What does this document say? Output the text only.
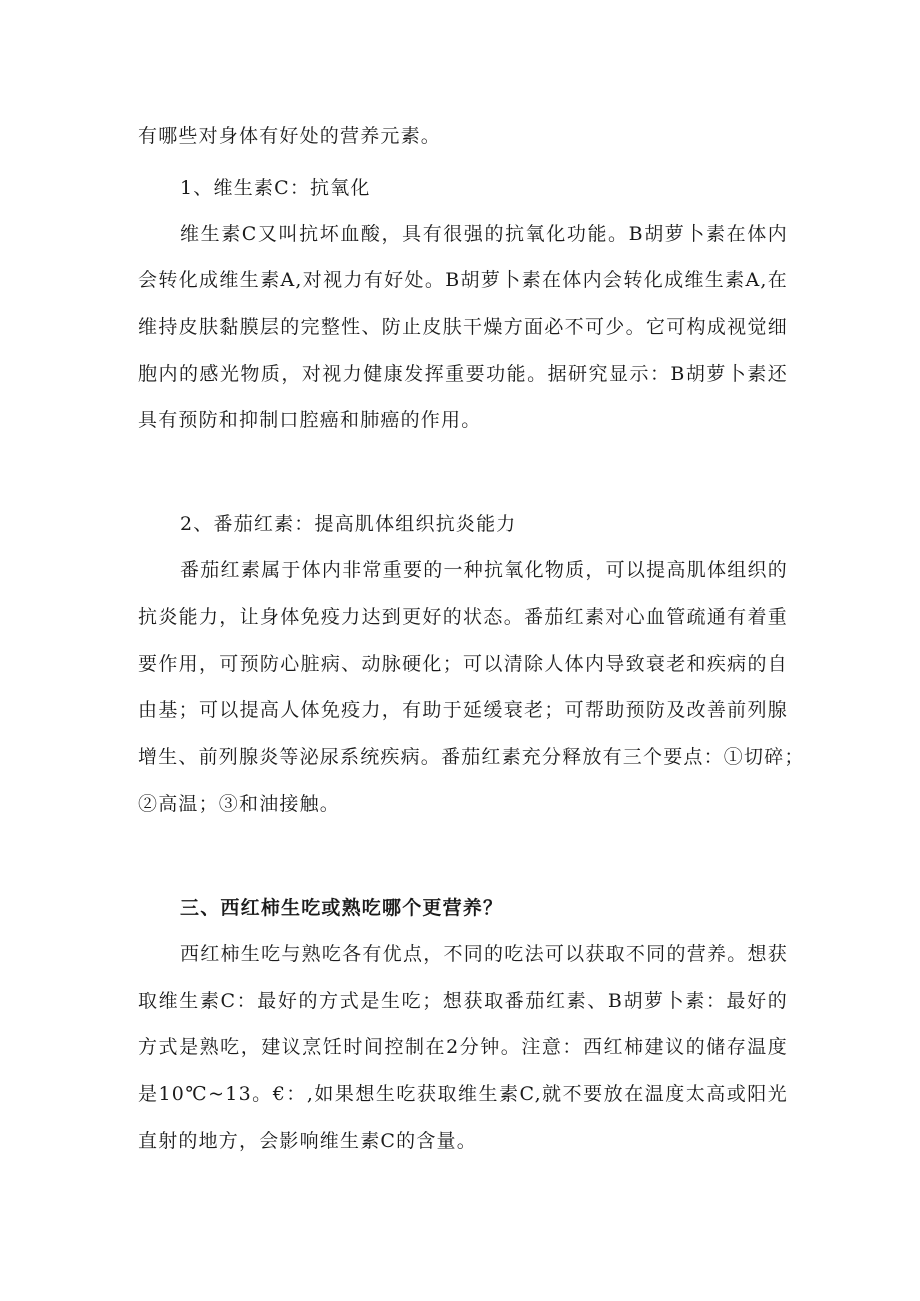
有哪些对身体有好处的营养元素。
1、维生素C：抗氧化
维生素C又叫抗坏血酸，具有很强的抗氧化功能。B胡萝卜素在体内
会转化成维生素A,对视力有好处。B胡萝卜素在体内会转化成维生素A,在
维持皮肤黏膜层的完整性、防止皮肤干燥方面必不可少。它可构成视觉细
胞内的感光物质，对视力健康发挥重要功能。据研究显示：B胡萝卜素还
具有预防和抑制口腔癌和肺癌的作用。
2、番茄红素：提高肌体组织抗炎能力
番茄红素属于体内非常重要的一种抗氧化物质，可以提高肌体组织的
抗炎能力，让身体免疫力达到更好的状态。番茄红素对心血管疏通有着重
要作用，可预防心脏病、动脉硬化；可以清除人体内导致衰老和疾病的自
由基；可以提高人体免疫力，有助于延缓衰老；可帮助预防及改善前列腺
增生、前列腺炎等泌尿系统疾病。番茄红素充分释放有三个要点：①切碎；
②高温；③和油接触。
三、西红柿生吃或熟吃哪个更营养？
西红柿生吃与熟吃各有优点，不同的吃法可以获取不同的营养。想获
取维生素C：最好的方式是生吃；想获取番茄红素、B胡萝卜素：最好的
方式是熟吃，建议烹饪时间控制在2分钟。注意：西红柿建议的储存温度
是10℃~13。€：,如果想生吃获取维生素C,就不要放在温度太高或阳光
直射的地方，会影响维生素C的含量。
